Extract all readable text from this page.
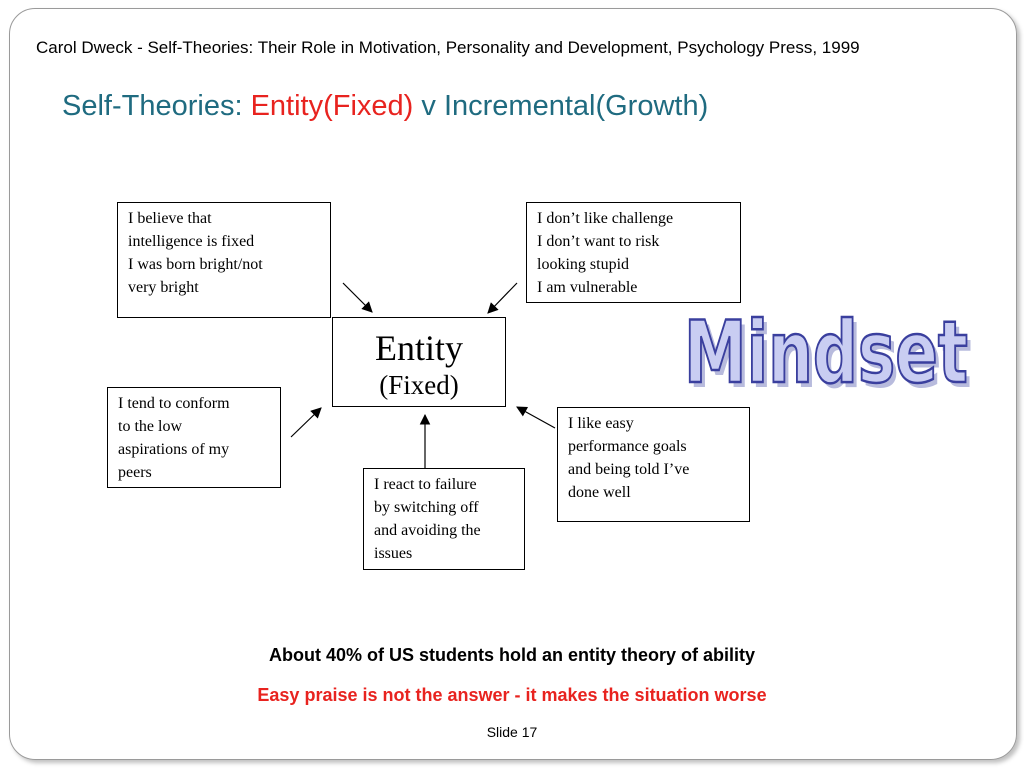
Carol Dweck - Self-Theories: Their Role in Motivation, Personality and Development, Psychology Press, 1999
Self-Theories: Entity(Fixed) v Incremental(Growth)
I believe that
intelligence is fixed
I was born bright/not
very bright
I don’t like challenge
I don’t want to risk
looking stupid
I am vulnerable
I tend to conform
to the low
aspirations of my
peers
I like easy
performance goals
and being told I’ve
done well
I react to failure
by switching off
and avoiding the
issues
Entity
(Fixed)	Mindset
Mindset
About 40% of US students hold an entity theory of ability
Easy praise is not the answer - it makes the situation worse
Slide 17
